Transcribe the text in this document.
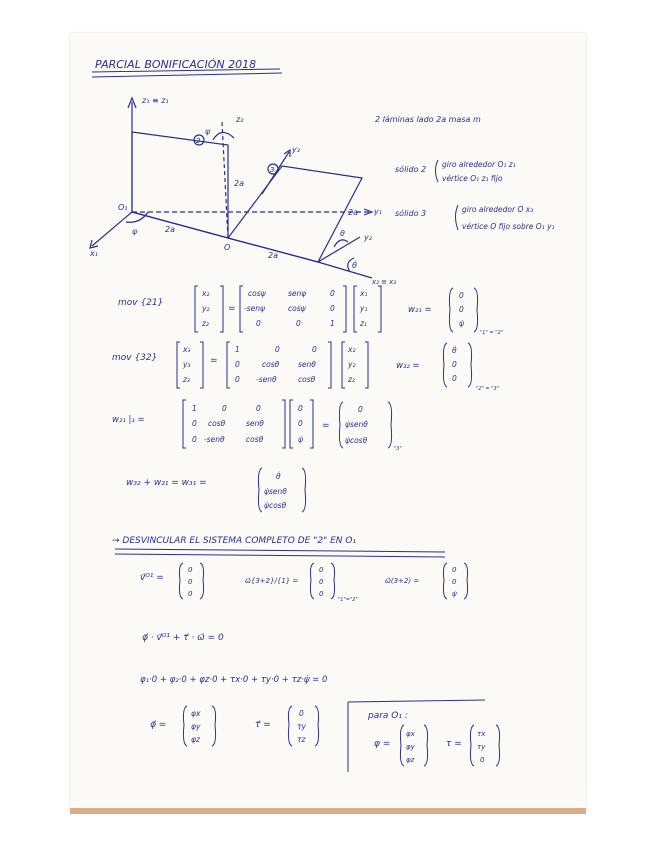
PARCIAL BONIFICACIÓN 2018
z₁ ≡ z₁
z₂
ψ
2
2a
x₁
y₁
O₁
ψ	2a
O
2a
3
2a
y₃
y₂
θ
x₂ ≡ x₃
θ̇
2 láminas lado 2a masa m
sólido 2
giro alrededor O₁ z₁
vértice O₁ z₁ fijo
sólido 3	giro alrededor O x₃
vértice O fijo sobre O₁ y₁
mov {21}
x₂
y₂
z₂
=
cosψ	senψ	0
-senψ	cosψ	0
0	0	1
x₁
y₁
z₁
w₂₁ =
0
0
ψ̇
"1" = "2"
mov {32}
x₃
y₃
z₃
=
1	0	0
0	cosθ	senθ
0 -senθ	cosθ
x₂
y₂
z₂
w₃₂ =
θ̇
0
0
"2" = "3"
w₂₁ |₃ =
1	0	0
0 cosθ	senθ
0 -senθ	cosθ
0
0
ψ̇
=
0
ψ̇senθ
ψ̇cosθ
"3"
w₃₂ + w₂₁ = w₃₁ =
θ̇
ψ̇senθ
ψ̇cosθ
→ DESVINCULAR EL SISTEMA COMPLETO DE "2" EN O₁
v⃗ᴼ¹ =
0
0
0
ω⃗{3+2}/{1} =
0
0
0
"1"="2"
ω⃗(3+2) =
0
0
ψ̇
φ⃗ · v⃗ᴼ¹ + τ⃗ · ω⃗ = 0
φ₁·0 + φ₂·0 + φz·0 + τx·0 + τy·0 + τz·ψ̇ = 0
φ⃗ =
φx
φy
φz
τ⃗ =
0
τy
τz
para O₁ :
φ =
φx
φy
φz
τ =
τx
τy
0
